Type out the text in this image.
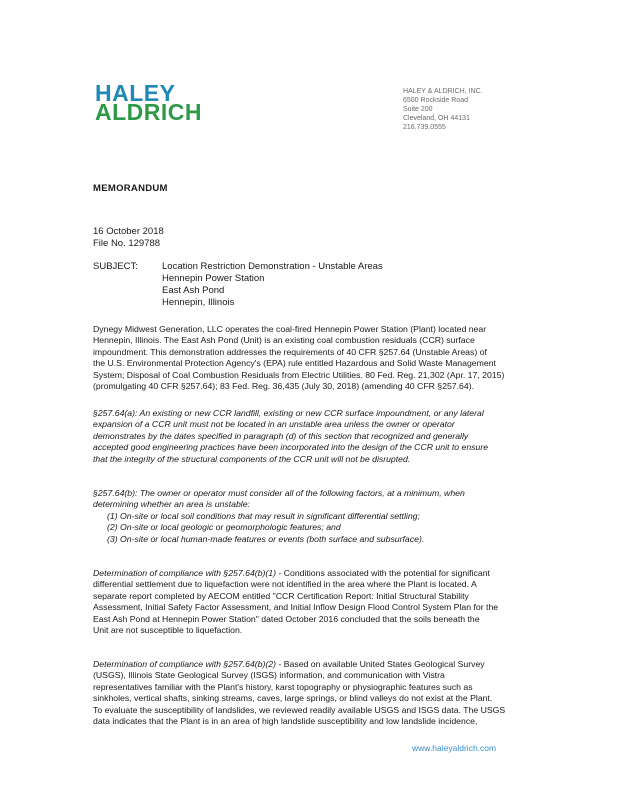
HALEY
ALDRICH
HALEY & ALDRICH, INC.
6500 Rockside Road
Suite 200
Cleveland, OH 44131
216.739.0555
MEMORANDUM
16 October 2018
File No. 129788
SUBJECT:	Location Restriction Demonstration - Unstable Areas
Hennepin Power Station
East Ash Pond
Hennepin, Illinois
Dynegy Midwest Generation, LLC operates the coal-fired Hennepin Power Station (Plant) located near
Hennepin, Illinois. The East Ash Pond (Unit) is an existing coal combustion residuals (CCR) surface
impoundment. This demonstration addresses the requirements of 40 CFR §257.64 (Unstable Areas) of
the U.S. Environmental Protection Agency's (EPA) rule entitled Hazardous and Solid Waste Management
System; Disposal of Coal Combustion Residuals from Electric Utilities. 80 Fed. Reg. 21,302 (Apr. 17, 2015)
(promulgating 40 CFR §257.64); 83 Fed. Reg. 36,435 (July 30, 2018) (amending 40 CFR §257.64).
§257.64(a): An existing or new CCR landfill, existing or new CCR surface impoundment, or any lateral
expansion of a CCR unit must not be located in an unstable area unless the owner or operator
demonstrates by the dates specified in paragraph (d) of this section that recognized and generally
accepted good engineering practices have been incorporated into the design of the CCR unit to ensure
that the integrity of the structural components of the CCR unit will not be disrupted.
§257.64(b): The owner or operator must consider all of the following factors, at a minimum, when
determining whether an area is unstable:
(1) On-site or local soil conditions that may result in significant differential settling;
(2) On-site or local geologic or geomorphologic features; and
(3) On-site or local human-made features or events (both surface and subsurface).
Determination of compliance with §257.64(b)(1) - Conditions associated with the potential for significant
differential settlement due to liquefaction were not identified in the area where the Plant is located. A
separate report completed by AECOM entitled "CCR Certification Report: Initial Structural Stability
Assessment, Initial Safety Factor Assessment, and Initial Inflow Design Flood Control System Plan for the
East Ash Pond at Hennepin Power Station" dated October 2016 concluded that the soils beneath the
Unit are not susceptible to liquefaction.
Determination of compliance with §257.64(b)(2) - Based on available United States Geological Survey
(USGS), Illinois State Geological Survey (ISGS) information, and communication with Vistra
representatives familiar with the Plant's history, karst topography or physiographic features such as
sinkholes, vertical shafts, sinking streams, caves, large springs, or blind valleys do not exist at the Plant.
To evaluate the susceptibility of landslides, we reviewed readily available USGS and ISGS data. The USGS
data indicates that the Plant is in an area of high landslide susceptibility and low landslide incidence,
www.haleyaldrich.com
